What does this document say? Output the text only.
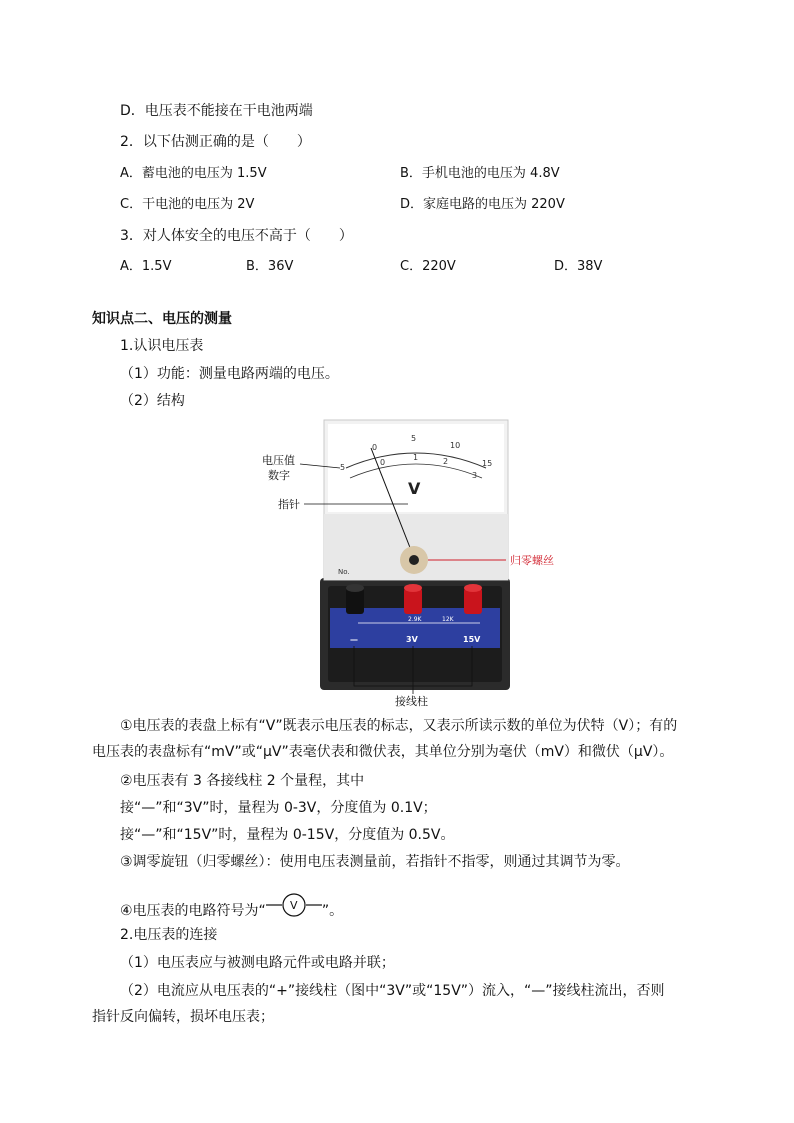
D．电压表不能接在干电池两端
2．以下估测正确的是（　　）
A．蓄电池的电压为 1.5V	B．手机电池的电压为 4.8V
C．干电池的电压为 2V	D．家庭电路的电压为 220V
3．对人体安全的电压不高于（　　）
A．1.5V	B．36V	C．220V	D．38V
知识点二、电压的测量
1.认识电压表
（1）功能：测量电路两端的电压。
（2）结构
5
0
5
10
15
0
1	2
3
V
No.
2.9K	12K
—	3V	15V
电压值
数字
指针
归零螺丝
接线柱
①电压表的表盘上标有“V”既表示电压表的标志，又表示所读示数的单位为伏特（V）；有的
电压表的表盘标有“mV”或“μV”表毫伏表和微伏表，其单位分别为毫伏（mV）和微伏（μV）。
②电压表有 3 各接线柱 2 个量程，其中
接“—”和“3V”时，量程为 0-3V，分度值为 0.1V；
接“—”和“15V”时，量程为 0-15V，分度值为 0.5V。
③调零旋钮（归零螺丝）：使用电压表测量前，若指针不指零，则通过其调节为零。
④电压表的电路符号为“ V ”。
2.电压表的连接
（1）电压表应与被测电路元件或电路并联；
（2）电流应从电压表的“+”接线柱（图中“3V”或“15V”）流入，“—”接线柱流出，否则
指针反向偏转，损坏电压表；
